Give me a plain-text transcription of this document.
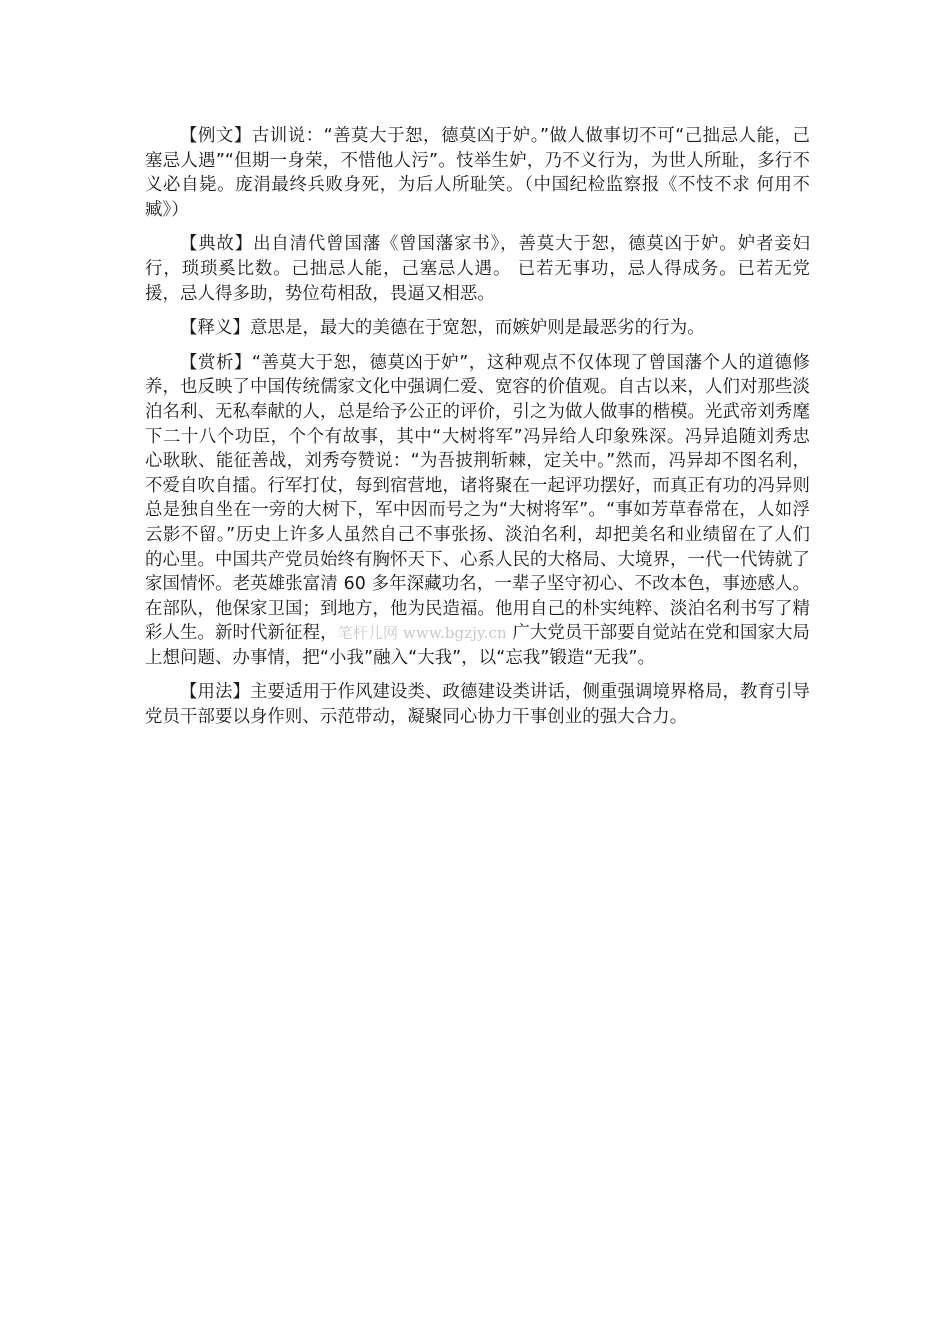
【例文】古训说：“善莫大于恕，德莫凶于妒。”做人做事切不可“己拙忌人能，己塞忌人遇”“但期一身荣，不惜他人污”。忮举生妒，乃不义行为，为世人所耻，多行不义必自毙。庞涓最终兵败身死，为后人所耻笑。（中国纪检监察报《不忮不求 何用不臧》）

【典故】出自清代曾国藩《曾国藩家书》，善莫大于恕，德莫凶于妒。妒者妾妇行，琐琐奚比数。己拙忌人能，己塞忌人遇。 已若无事功，忌人得成务。已若无党援，忌人得多助，势位苟相敌，畏逼又相恶。

【释义】意思是，最大的美德在于宽恕，而嫉妒则是最恶劣的行为。

【赏析】“善莫大于恕，德莫凶于妒”，这种观点不仅体现了曾国藩个人的道德修养，也反映了中国传统儒家文化中强调仁爱、宽容的价值观。自古以来，人们对那些淡泊名利、无私奉献的人，总是给予公正的评价，引之为做人做事的楷模。光武帝刘秀麾下二十八个功臣，个个有故事，其中“大树将军”冯异给人印象殊深。冯异追随刘秀忠心耿耿、能征善战，刘秀夸赞说：“为吾披荆斩棘，定关中。”然而，冯异却不图名利，不爱自吹自擂。行军打仗，每到宿营地，诸将聚在一起评功摆好，而真正有功的冯异则总是独自坐在一旁的大树下，军中因而号之为“大树将军”。“事如芳草春常在，人如浮云影不留。”历史上许多人虽然自己不事张扬、淡泊名利，却把美名和业绩留在了人们的心里。中国共产党员始终有胸怀天下、心系人民的大格局、大境界，一代一代铸就了家国情怀。老英雄张富清 60 多年深藏功名，一辈子坚守初心、不改本色，事迹感人。在部队，他保家卫国；到地方，他为民造福。他用自己的朴实纯粹、淡泊名利书写了精彩人生。新时代新征程，笔杆儿网 www.bgzjy.cn 广大党员干部要自觉站在党和国家大局上想问题、办事情，把“小我”融入“大我”，以“忘我”锻造“无我”。

【用法】主要适用于作风建设类、政德建设类讲话，侧重强调境界格局，教育引导党员干部要以身作则、示范带动，凝聚同心协力干事创业的强大合力。
